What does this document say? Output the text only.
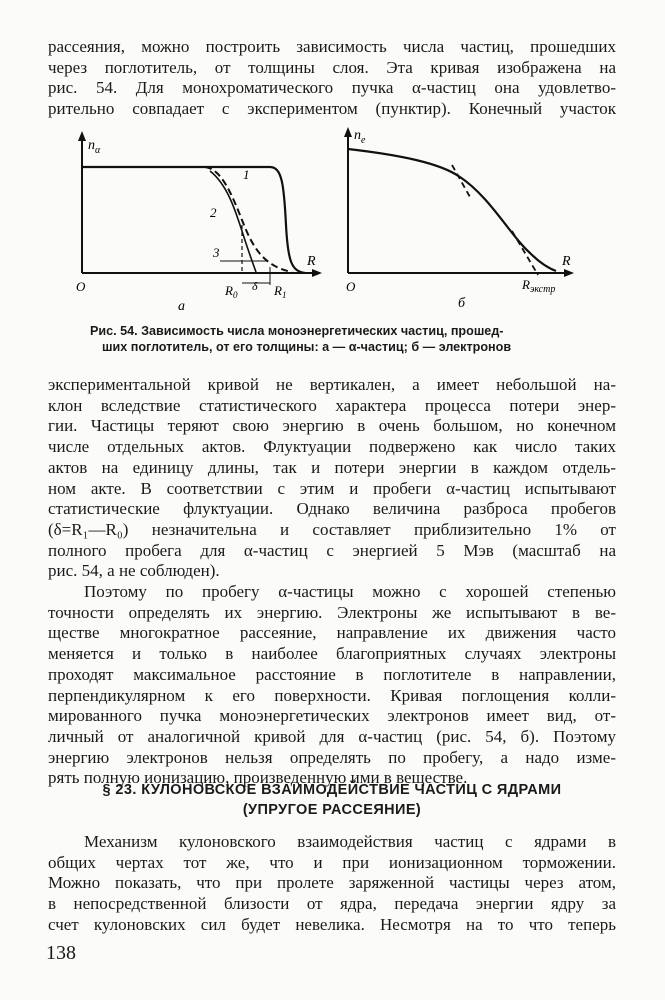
рассеяния, можно построить зависимость числа частиц, прошедших
через поглотитель, от толщины слоя. Эта кривая изображена на
рис. 54. Для монохроматического пучка α-частиц она удовлетво-
рительно совпадает с экспериментом (пунктир). Конечный участок

$n_\alpha$
R
O
1
2
3
$R_0$
δ $R_1$
а
$n_e$
R
O	$R_{экстр}$
б

Рис. 54. Зависимость числа моноэнергетических частиц, прошед-
ших поглотитель, от его толщины: а — α-частиц; б — электронов

экспериментальной кривой не вертикален, а имеет небольшой на-
клон вследствие статистического характера процесса потери энер-
гии. Частицы теряют свою энергию в очень большом, но конечном
числе отдельных актов. Флуктуации подвержено как число таких
актов на единицу длины, так и потери энергии в каждом отдель-
ном акте. В соответствии с этим и пробеги α-частиц испытывают
статистические флуктуации. Однако величина разброса пробегов
(δ=R₁—R₀) незначительна и составляет приблизительно 1% от
полного пробега для α-частиц с энергией 5 Мэв (масштаб на
рис. 54, а не соблюден).

Поэтому по пробегу α-частицы можно с хорошей степенью
точности определять их энергию. Электроны же испытывают в ве-
ществе многократное рассеяние, направление их движения часто
меняется и только в наиболее благоприятных случаях электроны
проходят максимальное расстояние в поглотителе в направлении,
перпендикулярном к его поверхности. Кривая поглощения колли-
мированного пучка моноэнергетических электронов имеет вид, от-
личный от аналогичной кривой для α-частиц (рис. 54, б). Поэтому
энергию электронов нельзя определять по пробегу, а надо изме-
рять полную ионизацию, произведенную ими в веществе.

§ 23. КУЛОНОВСКОЕ ВЗАИМОДЕЙСТВИЕ ЧАСТИЦ С ЯДРАМИ
(УПРУГОЕ РАССЕЯНИЕ)

Механизм кулоновского взаимодействия частиц с ядрами в
общих чертах тот же, что и при ионизационном торможении.
Можно показать, что при пролете заряженной частицы через атом,
в непосредственной близости от ядра, передача энергии ядру за
счет кулоновских сил будет невелика. Несмотря на то что теперь

138
